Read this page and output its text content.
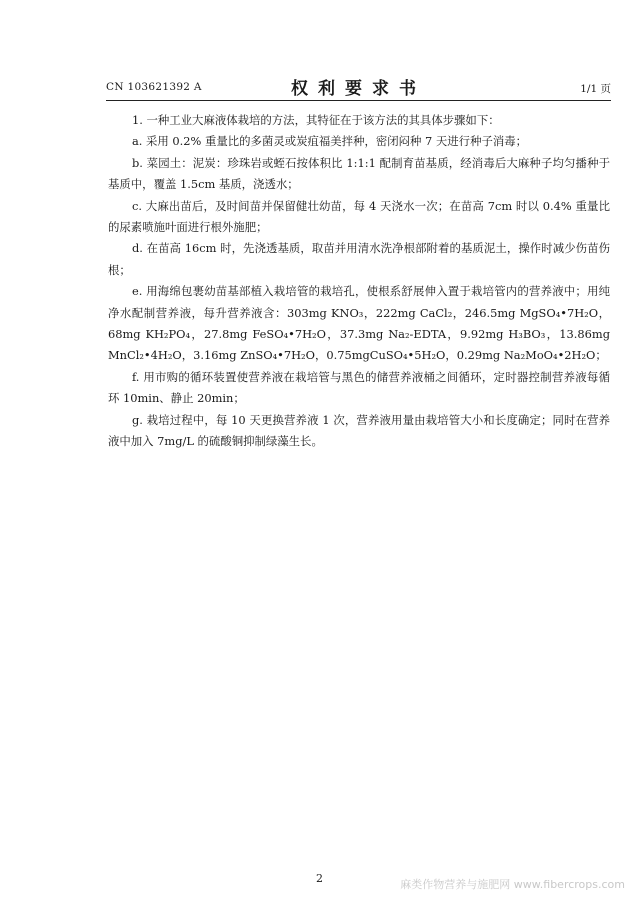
CN 103621392 A	权利要求书	1/1 页

1. 一种工业大麻液体栽培的方法，其特征在于该方法的其具体步骤如下：

a. 采用 0.2% 重量比的多菌灵或炭疽福美拌种，密闭闷种 7 天进行种子消毒；

b. 菜园土：泥炭：珍珠岩或蛭石按体积比 1:1:1 配制育苗基质，经消毒后大麻种子均匀播种于基质中，覆盖 1.5cm 基质，浇透水；

c. 大麻出苗后，及时间苗并保留健壮幼苗，每 4 天浇水一次；在苗高 7cm 时以 0.4% 重量比的尿素喷施叶面进行根外施肥；

d. 在苗高 16cm 时，先浇透基质，取苗并用清水洗净根部附着的基质泥土，操作时减少伤苗伤根；

e. 用海绵包裹幼苗基部植入栽培管的栽培孔，使根系舒展伸入置于栽培管内的营养液中；用纯净水配制营养液，每升营养液含：303mg KNO₃，222mg CaCl₂，246.5mg MgSO₄•7H₂O，68mg KH₂PO₄，27.8mg FeSO₄•7H₂O，37.3mg Na₂-EDTA，9.92mg H₃BO₃，13.86mg MnCl₂•4H₂O，3.16mg ZnSO₄•7H₂O，0.75mgCuSO₄•5H₂O，0.29mg Na₂MoO₄•2H₂O；

f. 用市购的循环装置使营养液在栽培管与黑色的储营养液桶之间循环，定时器控制营养液每循环 10min、静止 20min；

g. 栽培过程中，每 10 天更换营养液 1 次，营养液用量由栽培管大小和长度确定；同时在营养液中加入 7mg/L 的硫酸铜抑制绿藻生长。

2	麻类作物营养与施肥网 www.fibercrops.com
